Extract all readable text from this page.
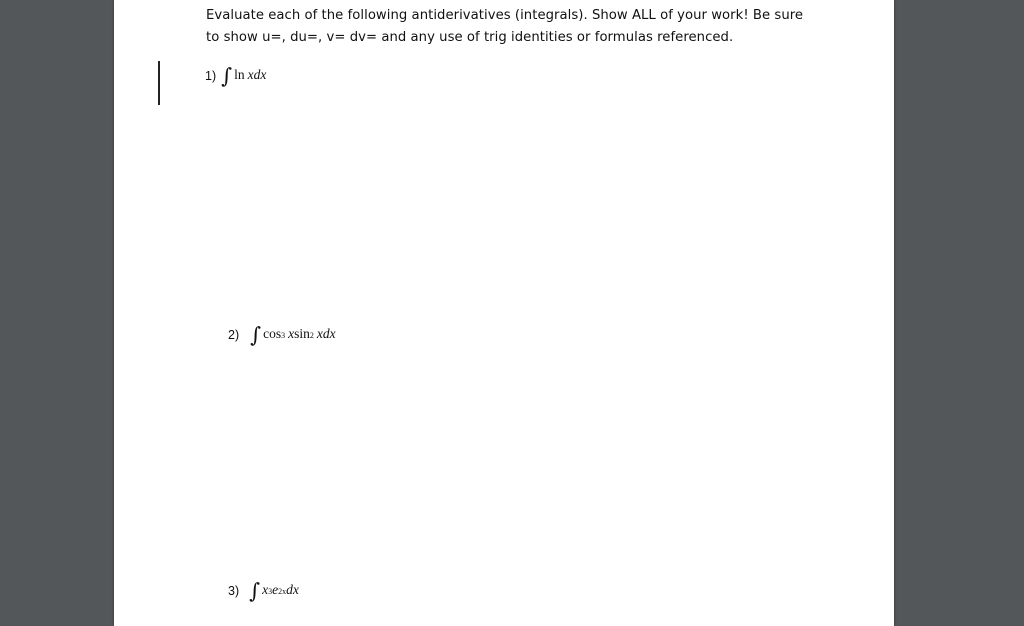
Evaluate each of the following antiderivatives (integrals). Show ALL of your work! Be sure
to show u=, du=, v= dv= and any use of trig identities or formulas referenced.
1) ∫ ln xdx
2) ∫ cos 3 x sin 2 xdx
3) ∫ x 3 e 2x dx
